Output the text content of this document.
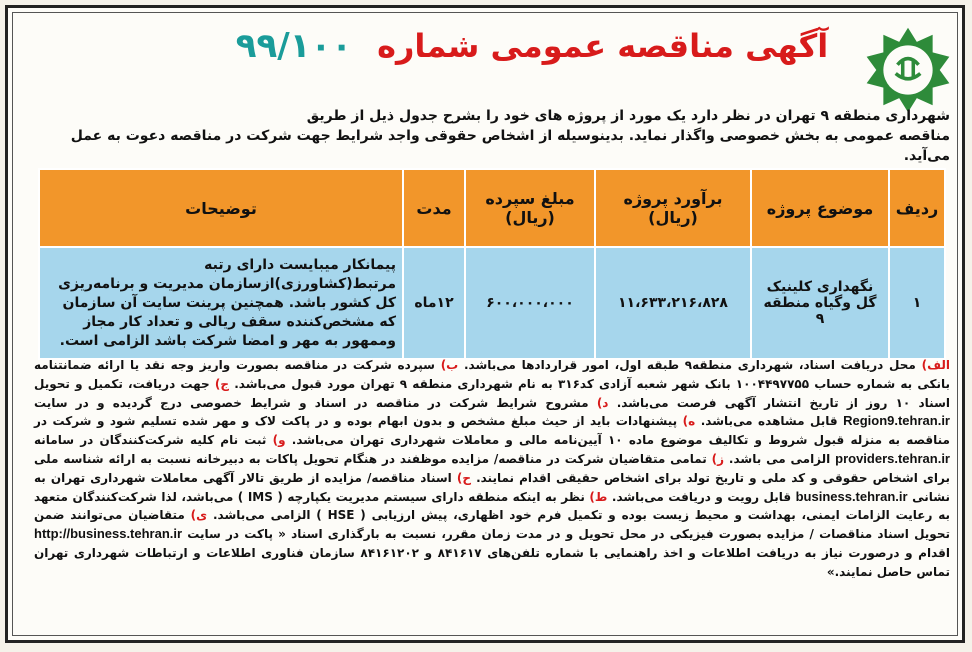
آگهی مناقصه عمومی شماره ۹۹/۱۰۰
شهرداری منطقه ۹ تهران در نظر دارد یک مورد از پروژه های خود را بشرح جدول ذیل از طریق
مناقصه عمومی به بخش خصوصی واگذار نماید. بدینوسیله از اشخاص حقوقی واجد شرایط جهت شرکت در مناقصه دعوت به عمل می‌آید.
ردیف	موضوع پروژه	برآورد پروژه (ریال)	مبلغ سپرده (ریال)	مدت	توضیحات
۱	نگهداری کلینیک گل وگیاه منطقه ۹	۱۱،۶۳۳،۲۱۶،۸۲۸	۶۰۰،۰۰۰،۰۰۰	۱۲ماه	پیمانکار میبایست دارای رتبه مرتبط(کشاورزی)ازسازمان مدیریت و برنامه‌ریزی کل کشور باشد. همچنین پرینت سایت آن سازمان که مشخص‌کننده سقف ریالی و تعداد کار مجاز وممهور به مهر و امضا شرکت باشد الزامی است.
الف) محل دریافت اسناد، شهرداری منطقه۹ طبقه اول، امور قراردادها می‌باشد. ب) سپرده شرکت در مناقصه بصورت واریز وجه نقد یا ارائه ضمانتنامه بانکی به شماره حساب ۱۰۰۴۴۹۷۷۵۵ بانک شهر شعبه آزادی کد۳۱۶ به نام شهرداری منطقه ۹ تهران مورد قبول می‌باشد. ج) جهت دریافت، تکمیل و تحویل اسناد ۱۰ روز از تاریخ انتشار آگهی فرصت می‌باشد. د) مشروح شرایط شرکت در مناقصه در اسناد و شرایط خصوصی درج گردیده و در سایت Region9.tehran.ir قابل مشاهده می‌باشد. ه) پیشنهادات باید از حیث مبلغ مشخص و بدون ابهام بوده و در پاکت لاک و مهر شده تسلیم شود و شرکت در مناقصه به منزله قبول شروط و تکالیف موضوع ماده ۱۰ آیین‌نامه مالی و معاملات شهرداری تهران می‌باشد. و) ثبت نام کلیه شرکت‌کنندگان در سامانه providers.tehran.ir الزامی می باشد. ز) تمامی متقاضیان شرکت در مناقصه/ مزایده موظفند در هنگام تحویل پاکات به دبیرخانه نسبت به ارائه شناسه ملی برای اشخاص حقوقی و کد ملی و تاریخ تولد برای اشخاص حقیقی اقدام نمایند. ح) اسناد مناقصه/ مزایده از طریق تالار آگهی معاملات شهرداری تهران به نشانی business.tehran.ir قابل رویت و دریافت می‌باشد. ط) نظر به اینکه منطقه دارای سیستم مدیریت یکپارچه ( IMS ) می‌باشد، لذا شرکت‌کنندگان متعهد به رعایت الزامات ایمنی، بهداشت و محیط زیست بوده و تکمیل فرم خود اظهاری، پیش ارزیابی ( HSE ) الزامی می‌باشد. ی) متقاضیان می‌توانند ضمن تحویل اسناد مناقصات / مزایده بصورت فیزیکی در محل تحویل و در مدت زمان مقرر، نسبت به بارگذاری اسناد « پاکت در سایت http://business.tehran.ir اقدام و درصورت نیاز به دریافت اطلاعات و اخذ راهنمایی با شماره تلفن‌های ۸۴۱۶۱۷ و ۸۴۱۶۱۲۰۲ سازمان فناوری اطلاعات و ارتباطات شهرداری تهران تماس حاصل نمایند.»
